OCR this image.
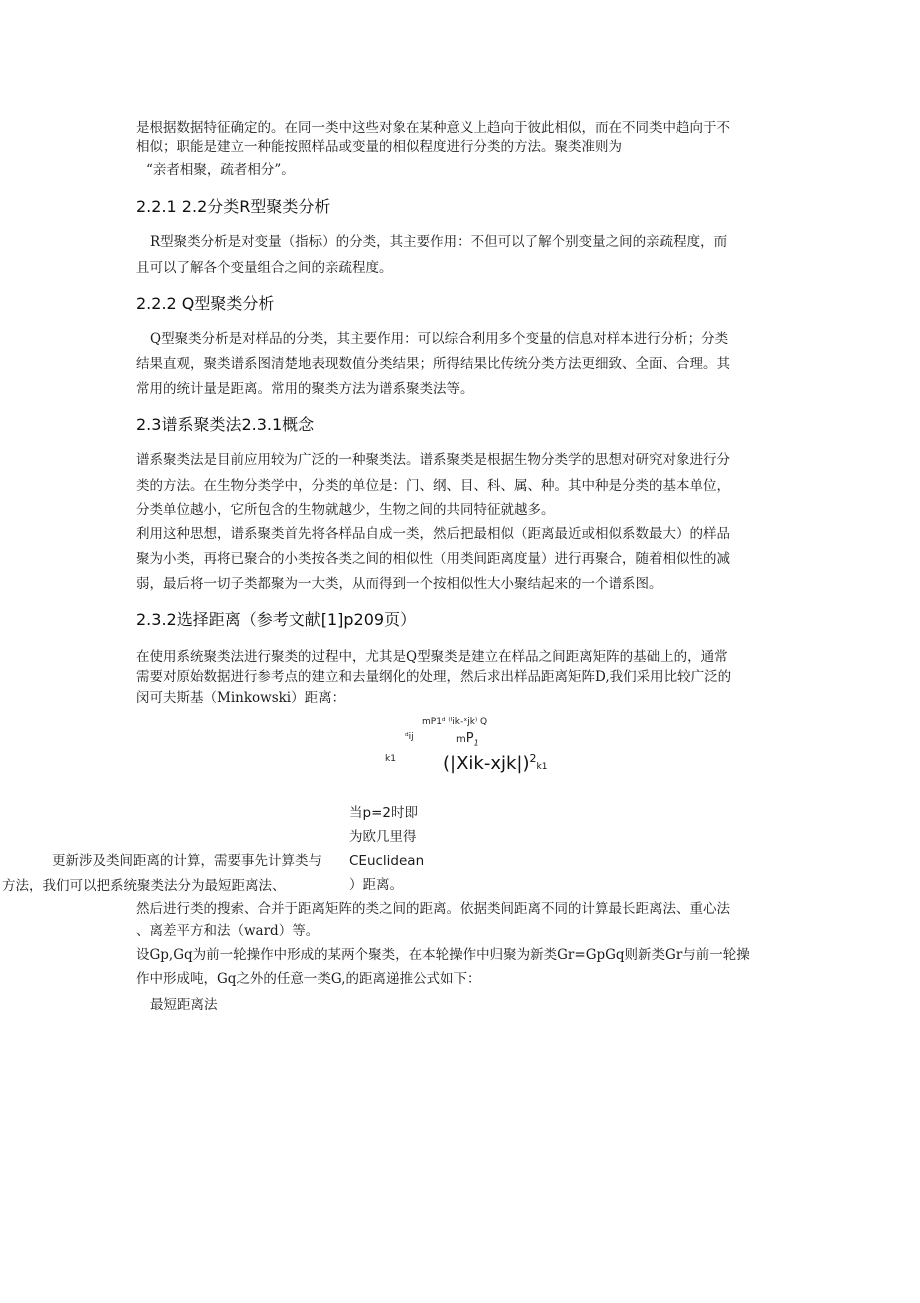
是根据数据特征确定的。在同一类中这些对象在某种意义上趋向于彼此相似，而在不同类中趋向于不
相似；职能是建立一种能按照样品或变量的相似程度进行分类的方法。聚类准则为
“亲者相聚，疏者相分”。
2.2.1 2.2分类R型聚类分析
R型聚类分析是对变量（指标）的分类，其主要作用：不但可以了解个别变量之间的亲疏程度，而
且可以了解各个变量组合之间的亲疏程度。
2.2.2 Q型聚类分析
Q型聚类分析是对样品的分类，其主要作用：可以综合利用多个变量的信息对样本进行分析；分类
结果直观，聚类谱系图清楚地表现数值分类结果；所得结果比传统分类方法更细致、全面、合理。其
常用的统计量是距离。常用的聚类方法为谱系聚类法等。
2.3谱系聚类法2.3.1概念
谱系聚类法是目前应用较为广泛的一种聚类法。谱系聚类是根据生物分类学的思想对研究对象进行分
类的方法。在生物分类学中，分类的单位是：门、纲、目、科、属、种。其中种是分类的基本单位，
分类单位越小，它所包含的生物就越少，生物之间的共同特征就越多。
利用这种思想，谱系聚类首先将各样品自成一类，然后把最相似（距离最近或相似系数最大）的样品
聚为小类，再将已聚合的小类按各类之间的相似性（用类间距离度量）进行再聚合，随着相似性的减
弱，最后将一切子类都聚为一大类，从而得到一个按相似性大小聚结起来的一个谱系图。
2.3.2选择距离（参考文献[1]p209页）
在使用系统聚类法进行聚类的过程中，尤其是Q型聚类是建立在样品之间距离矩阵的基础上的，通常
需要对原始数据进行参考点的建立和去量纲化的处理，然后求出样品距离矩阵D,我们采用比较广泛的
闵可夫斯基（Minkowski）距离：
mP1ᵈ ⁽ᴵik-ˣjk⁾ Q
ᵈij	$mP_1$
k1	$(|Xik-xjk|)^2k1$
当p=2时即
为欧几里得
CEuclidean
）距离。
更新涉及类间距离的计算，需要事先计算类与
方法，我们可以把系统聚类法分为最短距离法、
然后进行类的搜索、合并于距离矩阵的类之间的距离。依据类间距离不同的计算最长距离法、重心法
、离差平方和法（ward）等。
设Gp,Gq为前一轮操作中形成的某两个聚类，在本轮操作中归聚为新类Gr=GpGq则新类Gr与前一轮操
作中形成吨，Gq之外的任意一类G,的距离递推公式如下：
最短距离法
